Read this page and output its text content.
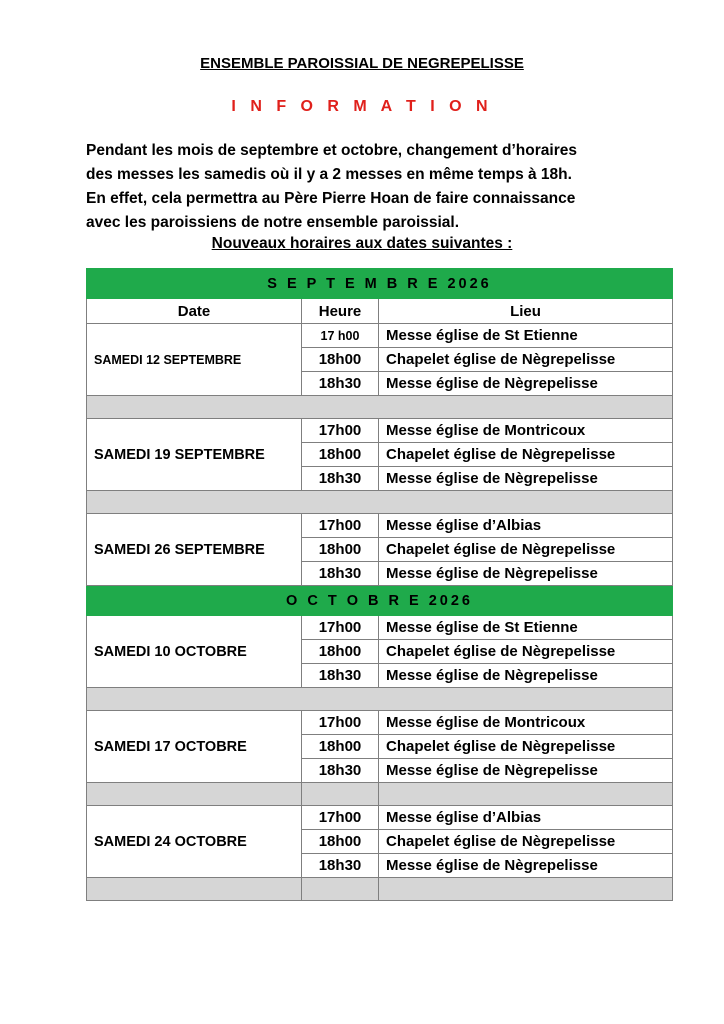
ENSEMBLE PAROISSIAL DE NEGREPELISSE
I N F O R M A T I O N
Pendant les mois de septembre et octobre, changement d’horaires
des messes les samedis où il y a 2 messes en même temps à 18h.
En effet, cela permettra au Père Pierre Hoan de faire connaissance
avec les paroissiens de notre ensemble paroissial.
Nouveaux horaires aux dates suivantes :
S E P T E M B R E 2026		
Date	Heure	Lieu
SAMEDI 12 SEPTEMBRE	17 h00	Messe église de St Etienne
	18h00	Chapelet église de Nègrepelisse
	18h30	Messe église de Nègrepelisse

SAMEDI 19 SEPTEMBRE	17h00	Messe église de Montricoux
	18h00	Chapelet église de Nègrepelisse
	18h30	Messe église de Nègrepelisse

SAMEDI 26 SEPTEMBRE	17h00	Messe église d’Albias
	18h00	Chapelet église de Nègrepelisse
	18h30	Messe église de Nègrepelisse
O C T O B R E 2026		
SAMEDI 10 OCTOBRE	17h00	Messe église de St Etienne
	18h00	Chapelet église de Nègrepelisse
	18h30	Messe église de Nègrepelisse

SAMEDI 17 OCTOBRE	17h00	Messe église de Montricoux
	18h00	Chapelet église de Nègrepelisse
	18h30	Messe église de Nègrepelisse

SAMEDI 24 OCTOBRE	17h00	Messe église d’Albias
	18h00	Chapelet église de Nègrepelisse
	18h30	Messe église de Nègrepelisse
